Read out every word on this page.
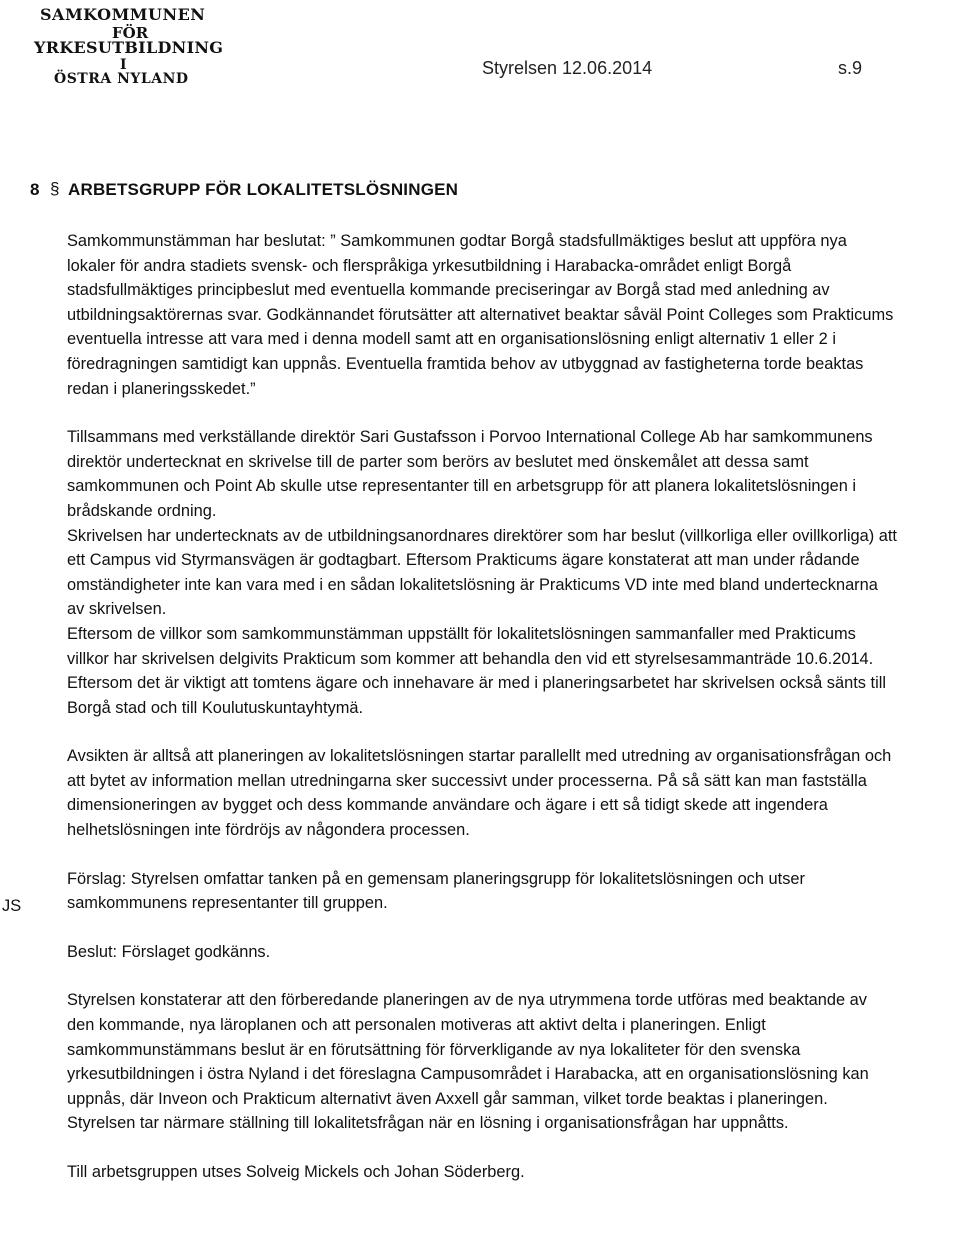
SAMKOMMUNEN
FÖR
YRKESUTBILDNING
I
ÖSTRA NYLAND
Styrelsen 12.06.2014	s.9
8 ARBETSGRUPP FÖR LOKALITETSLÖSNINGEN
§

Samkommunstämman har beslutat: ” Samkommunen godtar Borgå stadsfullmäktiges beslut att uppföra nya lokaler för andra stadiets svensk- och flerspråkiga yrkesutbildning i Harabacka-området enligt Borgå stadsfullmäktiges principbeslut med eventuella kommande preciseringar av Borgå stad med anledning av utbildningsaktörernas svar. Godkännandet förutsätter att alternativet beaktar såväl Point Colleges som Prakticums eventuella intresse att vara med i denna modell samt att en organisationslösning enligt alternativ 1 eller 2 i föredragningen samtidigt kan uppnås. Eventuella framtida behov av utbyggnad av fastigheterna torde beaktas redan i planeringsskedet.”

Tillsammans med verkställande direktör Sari Gustafsson i Porvoo International College Ab har samkommunens direktör undertecknat en skrivelse till de parter som berörs av beslutet med önskemålet att dessa samt samkommunen och Point Ab skulle utse representanter till en arbetsgrupp för att planera lokalitetslösningen i brådskande ordning.

Skrivelsen har undertecknats av de utbildningsanordnares direktörer som har beslut (villkorliga eller ovillkorliga) att ett Campus vid Styrmansvägen är godtagbart. Eftersom Prakticums ägare konstaterat att man under rådande omständigheter inte kan vara med i en sådan lokalitetslösning är Prakticums VD inte med bland undertecknarna av skrivelsen.

Eftersom de villkor som samkommunstämman uppställt för lokalitetslösningen sammanfaller med Prakticums villkor har skrivelsen delgivits Prakticum som kommer att behandla den vid ett styrelsesammanträde 10.6.2014.

Eftersom det är viktigt att tomtens ägare och innehavare är med i planeringsarbetet har skrivelsen också sänts till Borgå stad och till Koulutuskuntayhtymä.

Avsikten är alltså att planeringen av lokalitetslösningen startar parallellt med utredning av organisationsfrågan och att bytet av information mellan utredningarna sker successivt under processerna. På så sätt kan man fastställa dimensioneringen av bygget och dess kommande användare och ägare i ett så tidigt skede att ingendera helhetslösningen inte fördröjs av någondera processen.

Förslag: Styrelsen omfattar tanken på en gemensam planeringsgrupp för lokalitetslösningen och utser samkommunens representanter till gruppen.

Beslut: Förslaget godkänns.

Styrelsen konstaterar att den förberedande planeringen av de nya utrymmena torde utföras med beaktande av den kommande, nya läroplanen och att personalen motiveras att aktivt delta i planeringen. Enligt samkommunstämmans beslut är en förutsättning för förverkligande av nya lokaliteter för den svenska yrkesutbildningen i östra Nyland i det föreslagna Campusområdet i Harabacka, att en organisationslösning kan uppnås, där Inveon och Prakticum alternativt även Axxell går samman, vilket torde beaktas i planeringen. Styrelsen tar närmare ställning till lokalitetsfrågan när en lösning i organisationsfrågan har uppnåtts.

Till arbetsgruppen utses Solveig Mickels och Johan Söderberg.

JS
